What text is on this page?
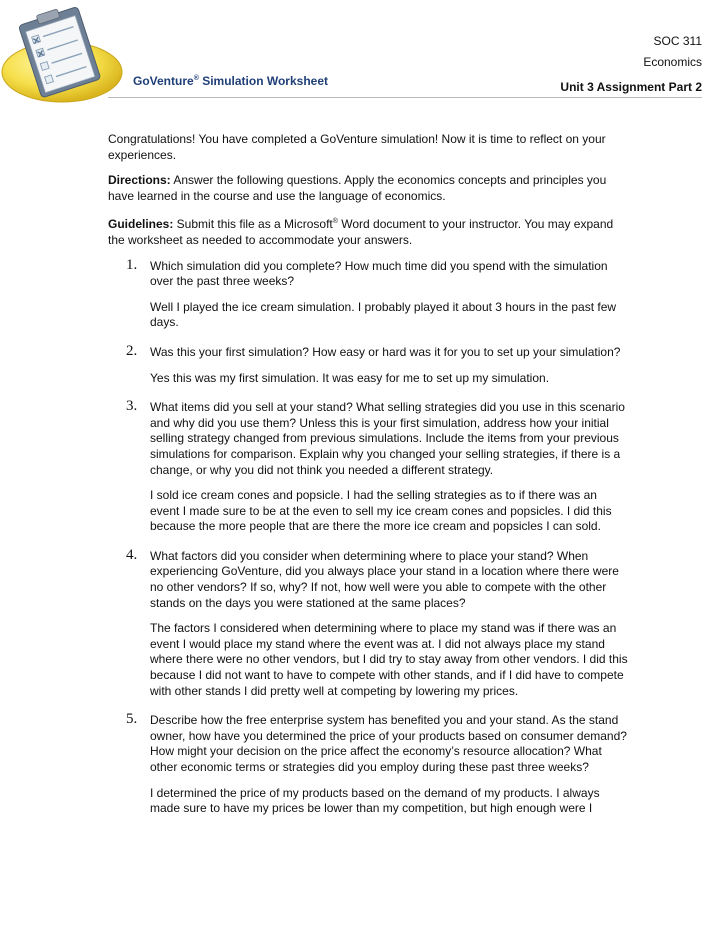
SOC 311
Economics
GoVenture® Simulation Worksheet	Unit 3 Assignment Part 2

Congratulations! You have completed a GoVenture simulation! Now it is time to reflect on your experiences.

Directions: Answer the following questions. Apply the economics concepts and principles you have learned in the course and use the language of economics.

Guidelines: Submit this file as a Microsoft® Word document to your instructor. You may expand the worksheet as needed to accommodate your answers.

1. Which simulation did you complete? How much time did you spend with the simulation over the past three weeks?

Well I played the ice cream simulation. I probably played it about 3 hours in the past few days.

2. Was this your first simulation? How easy or hard was it for you to set up your simulation?

Yes this was my first simulation. It was easy for me to set up my simulation.

3. What items did you sell at your stand? What selling strategies did you use in this scenario and why did you use them? Unless this is your first simulation, address how your initial selling strategy changed from previous simulations. Include the items from your previous simulations for comparison. Explain why you changed your selling strategies, if there is a change, or why you did not think you needed a different strategy.

I sold ice cream cones and popsicle. I had the selling strategies as to if there was an event I made sure to be at the even to sell my ice cream cones and popsicles. I did this because the more people that are there the more ice cream and popsicles I can sold.

4. What factors did you consider when determining where to place your stand? When experiencing GoVenture, did you always place your stand in a location where there were no other vendors? If so, why? If not, how well were you able to compete with the other stands on the days you were stationed at the same places?

The factors I considered when determining where to place my stand was if there was an event I would place my stand where the event was at. I did not always place my stand where there were no other vendors, but I did try to stay away from other vendors. I did this because I did not want to have to compete with other stands, and if I did have to compete with other stands I did pretty well at competing by lowering my prices.

5. Describe how the free enterprise system has benefited you and your stand. As the stand owner, how have you determined the price of your products based on consumer demand? How might your decision on the price affect the economy’s resource allocation? What other economic terms or strategies did you employ during these past three weeks?

I determined the price of my products based on the demand of my products. I always made sure to have my prices be lower than my competition, but high enough were I
